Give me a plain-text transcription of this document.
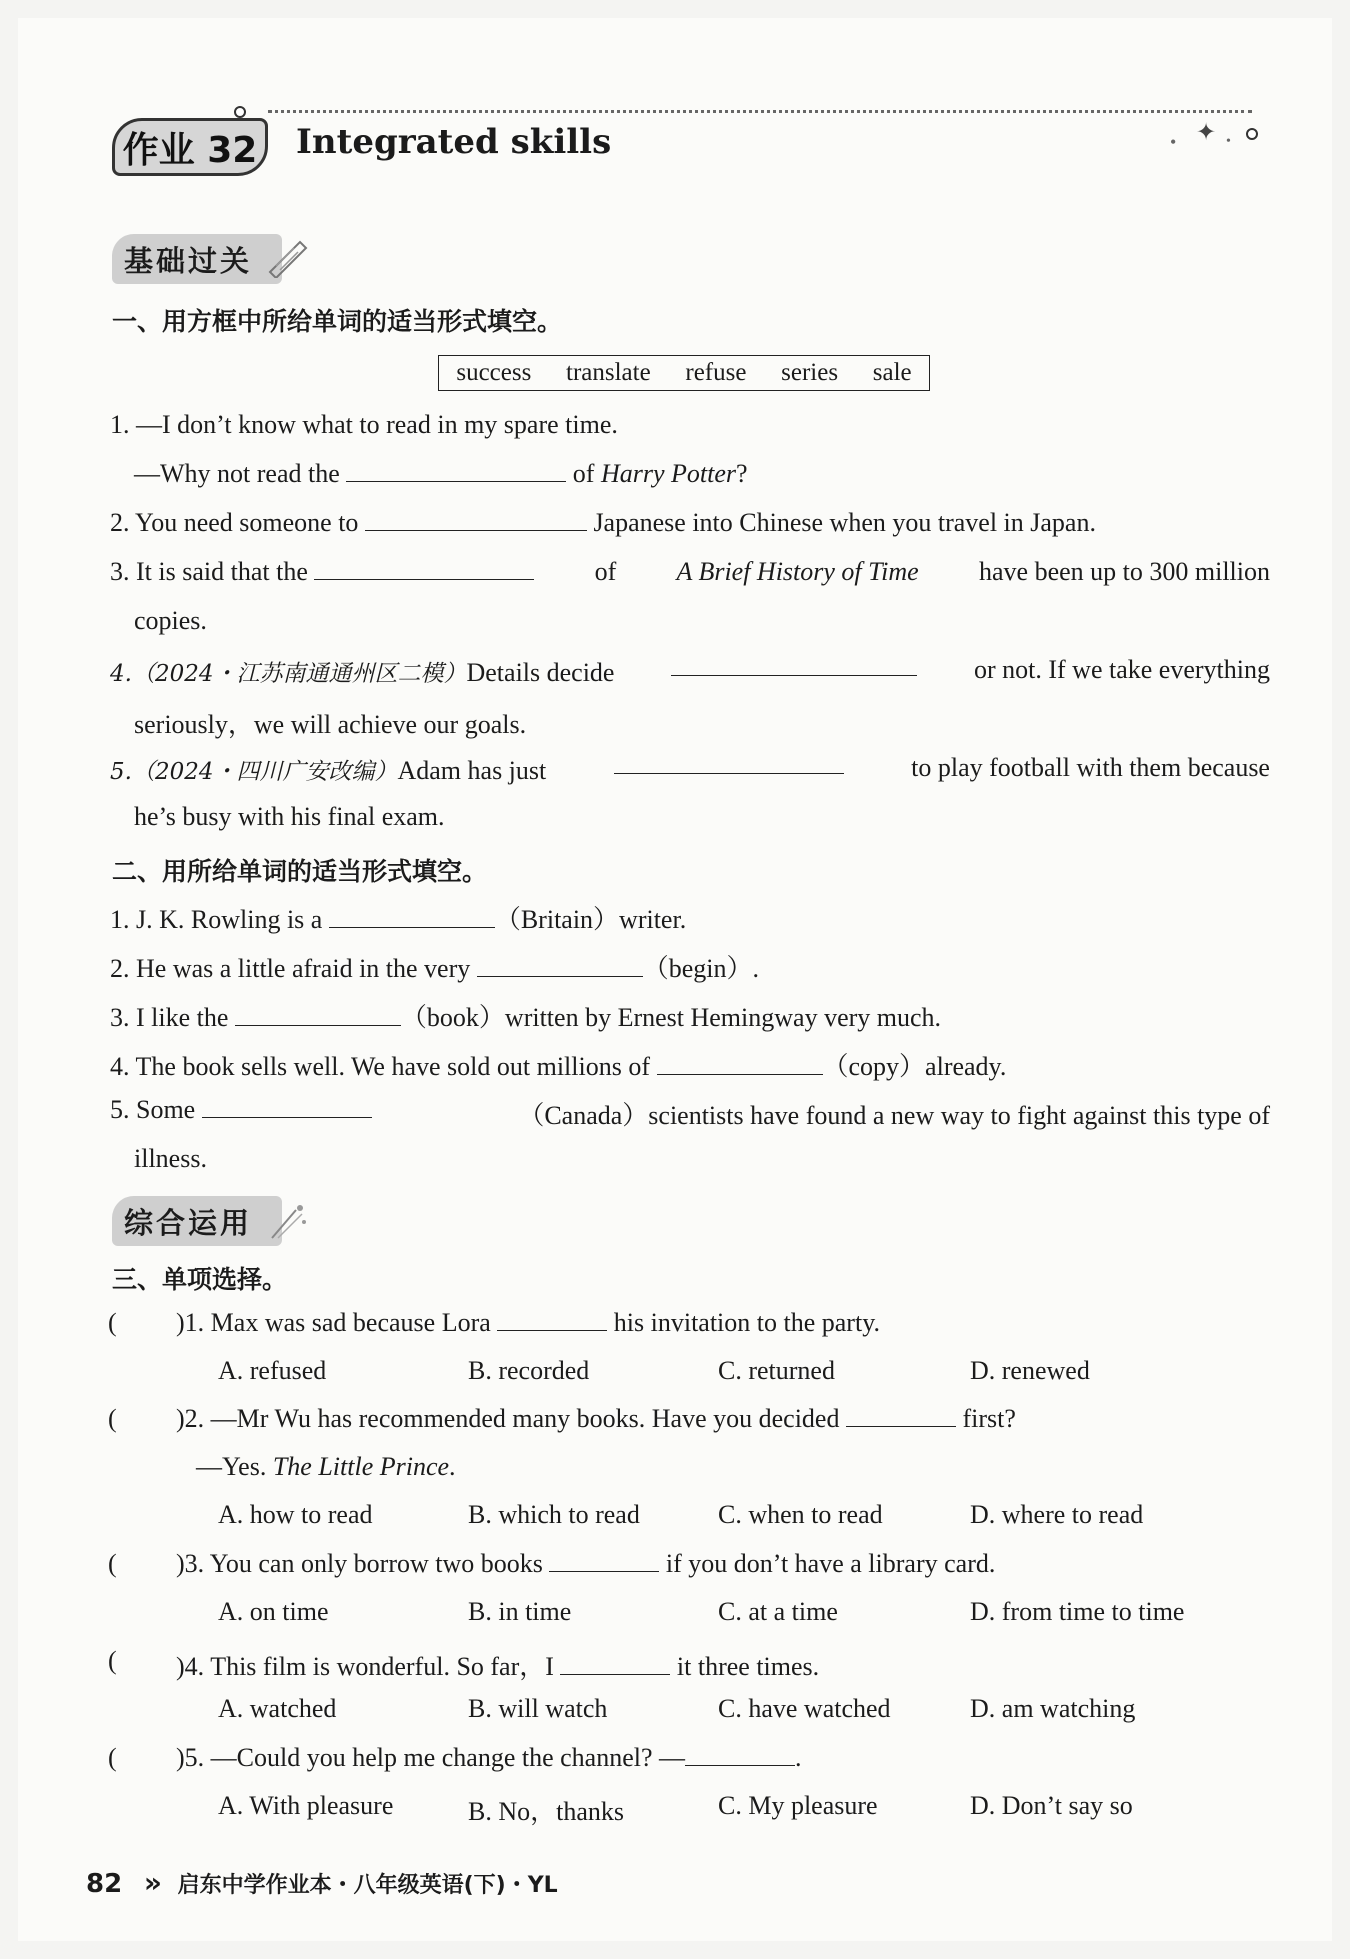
✦
•	•
作业 32	Integrated skills
基础过关
一、用方框中所给单词的适当形式填空。
success translate refuse series sale
1. —I don’t know what to read in my spare time.
—Why not read the	of Harry Potter?
2. You need someone to	Japanese into Chinese when you travel in Japan.
3. It is said that the	of A Brief History of Time have been up to 300 million
copies.
4.（2024・江苏南通通州区二模）Details decide	or not. If we take everything
seriously，we will achieve our goals.
5.（2024・四川广安改编）Adam has just	to play football with them because
he’s busy with his final exam.
二、用所给单词的适当形式填空。
1. J. K. Rowling is a	（Britain）writer.
2. He was a little afraid in the very	（begin）.
3. I like the	（book）written by Ernest Hemingway very much.
4. The book sells well. We have sold out millions of	（copy）already.
5. Some	（Canada）scientists have found a new way to fight against this type of
illness.
综合运用
三、单项选择。
( )1. Max was sad because Lora	his invitation to the party.
A. refused	B. recorded	C. returned	D. renewed
( )2. —Mr Wu has recommended many books. Have you decided	first?
—Yes. The Little Prince.
A. how to read	B. which to read	C. when to read	D. where to read
( )3. You can only borrow two books	if you don’t have a library card.
A. on time	B. in time	C. at a time	D. from time to time
( )4. This film is wonderful. So far，I	it three times.
A. watched	B. will watch	C. have watched	D. am watching
( )5. —Could you help me change the channel? —	.
A. With pleasure	B. No，thanks	C. My pleasure	D. Don’t say so
82 » 启东中学作业本・八年级英语(下)・YL
